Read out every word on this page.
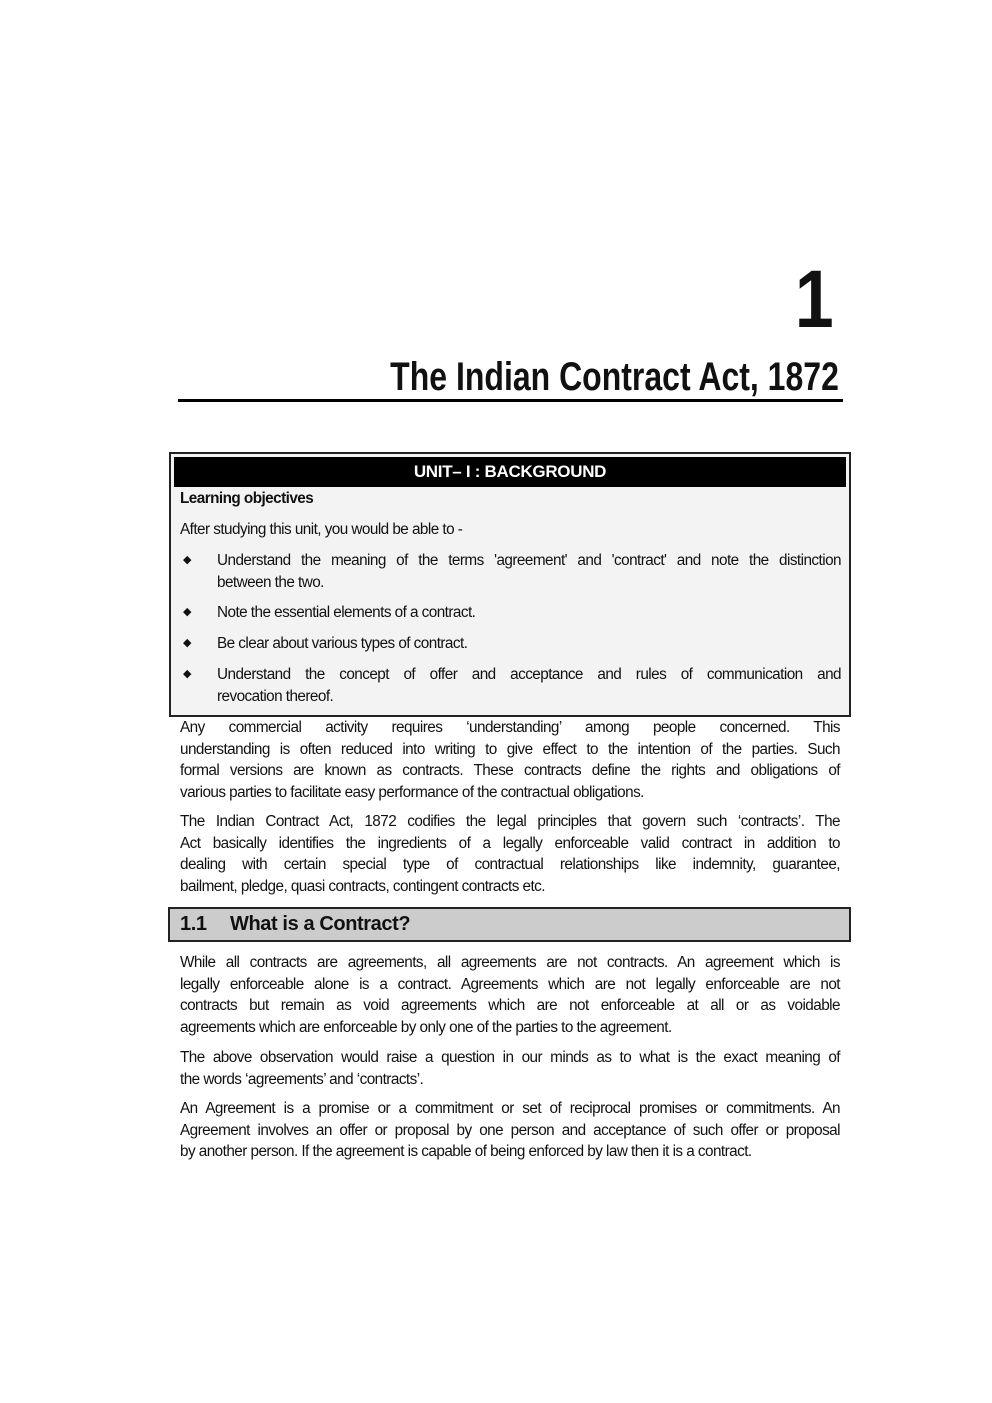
1
The Indian Contract Act, 1872
UNIT– I : BACKGROUND
Learning objectives
After studying this unit, you would be able to -
◆ Understand the meaning of the terms 'agreement' and 'contract' and note the distinction
between the two.
◆ Note the essential elements of a contract.
◆ Be clear about various types of contract.
◆ Understand the concept of offer and acceptance and rules of communication and
revocation thereof.
Any commercial activity requires ‘understanding’ among people concerned. This
understanding is often reduced into writing to give effect to the intention of the parties. Such
formal versions are known as contracts. These contracts define the rights and obligations of
various parties to facilitate easy performance of the contractual obligations.
The Indian Contract Act, 1872 codifies the legal principles that govern such ‘contracts’. The
Act basically identifies the ingredients of a legally enforceable valid contract in addition to
dealing with certain special type of contractual relationships like indemnity, guarantee,
bailment, pledge, quasi contracts, contingent contracts etc.
1.1 What is a Contract?
While all contracts are agreements, all agreements are not contracts. An agreement which is
legally enforceable alone is a contract. Agreements which are not legally enforceable are not
contracts but remain as void agreements which are not enforceable at all or as voidable
agreements which are enforceable by only one of the parties to the agreement.
The above observation would raise a question in our minds as to what is the exact meaning of
the words ‘agreements’ and ‘contracts’.
An Agreement is a promise or a commitment or set of reciprocal promises or commitments. An
Agreement involves an offer or proposal by one person and acceptance of such offer or proposal
by another person. If the agreement is capable of being enforced by law then it is a contract.
